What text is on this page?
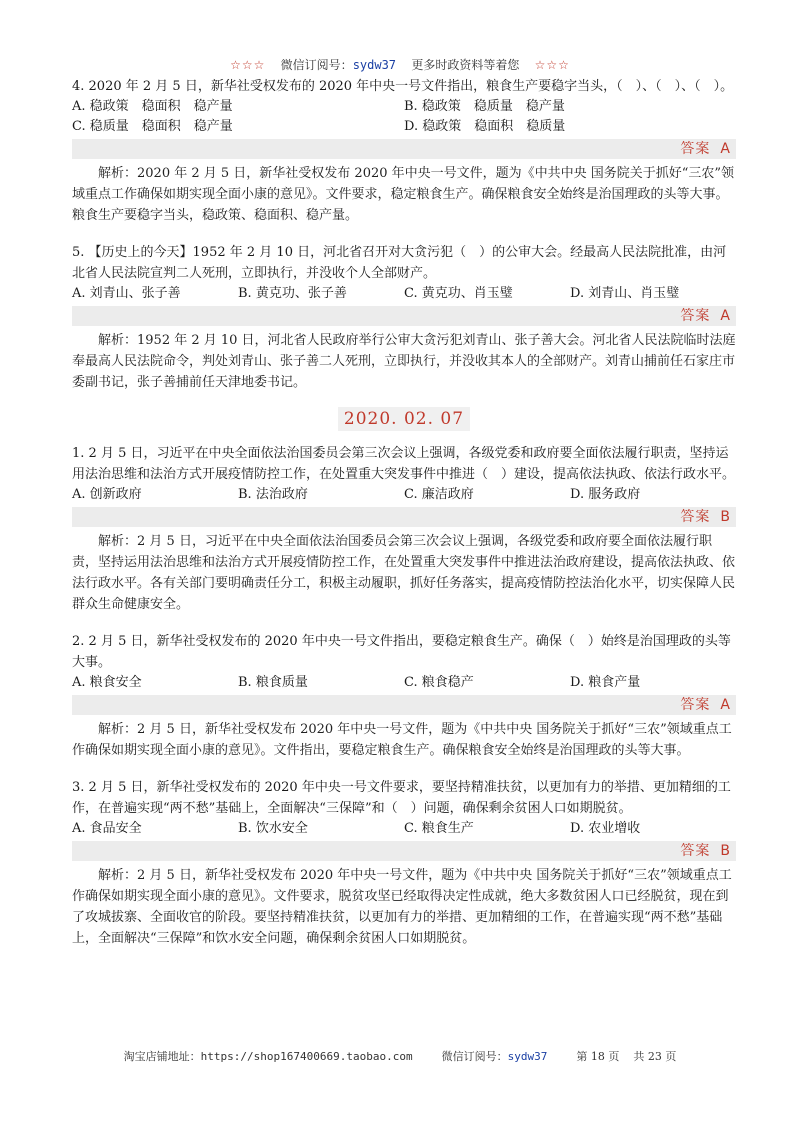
☆☆☆ 微信订阅号：sydw37 更多时政资料等着您 ☆☆☆

4. 2020 年 2 月 5 日，新华社受权发布的 2020 年中央一号文件指出，粮食生产要稳字当头，（　）、（　）、（　）。

A. 稳政策　稳面积　稳产量	B. 稳政策　稳质量　稳产量
C. 稳质量　稳面积　稳产量	D. 稳政策　稳面积　稳质量
答案 A

解析：2020 年 2 月 5 日，新华社受权发布 2020 年中央一号文件，题为《中共中央 国务院关于抓好“三农”领域重点工作确保如期实现全面小康的意见》。文件要求，稳定粮食生产。确保粮食安全始终是治国理政的头等大事。粮食生产要稳字当头，稳政策、稳面积、稳产量。

5. 【历史上的今天】1952 年 2 月 10 日，河北省召开对大贪污犯（　）的公审大会。经最高人民法院批准，由河北省人民法院宣判二人死刑，立即执行，并没收个人全部财产。

A. 刘青山、张子善	B. 黄克功、张子善	C. 黄克功、肖玉璧	D. 刘青山、肖玉璧
答案 A

解析：1952 年 2 月 10 日，河北省人民政府举行公审大贪污犯刘青山、张子善大会。河北省人民法院临时法庭奉最高人民法院命令，判处刘青山、张子善二人死刑，立即执行，并没收其本人的全部财产。刘青山捕前任石家庄市委副书记，张子善捕前任天津地委书记。

2020. 02. 07

1. 2 月 5 日，习近平在中央全面依法治国委员会第三次会议上强调，各级党委和政府要全面依法履行职责，坚持运用法治思维和法治方式开展疫情防控工作，在处置重大突发事件中推进（　）建设，提高依法执政、依法行政水平。

A. 创新政府	B. 法治政府	C. 廉洁政府	D. 服务政府
答案 B

解析：2 月 5 日，习近平在中央全面依法治国委员会第三次会议上强调，各级党委和政府要全面依法履行职责，坚持运用法治思维和法治方式开展疫情防控工作，在处置重大突发事件中推进法治政府建设，提高依法执政、依法行政水平。各有关部门要明确责任分工，积极主动履职，抓好任务落实，提高疫情防控法治化水平，切实保障人民群众生命健康安全。

2. 2 月 5 日，新华社受权发布的 2020 年中央一号文件指出，要稳定粮食生产。确保（　）始终是治国理政的头等大事。

A. 粮食安全	B. 粮食质量	C. 粮食稳产	D. 粮食产量
答案 A

解析：2 月 5 日，新华社受权发布 2020 年中央一号文件，题为《中共中央 国务院关于抓好“三农”领域重点工作确保如期实现全面小康的意见》。文件指出，要稳定粮食生产。确保粮食安全始终是治国理政的头等大事。

3. 2 月 5 日，新华社受权发布的 2020 年中央一号文件要求，要坚持精准扶贫，以更加有力的举措、更加精细的工作，在普遍实现“两不愁”基础上，全面解决“三保障”和（　）问题，确保剩余贫困人口如期脱贫。

A. 食品安全	B. 饮水安全	C. 粮食生产	D. 农业增收
答案 B

解析：2 月 5 日，新华社受权发布 2020 年中央一号文件，题为《中共中央 国务院关于抓好“三农”领域重点工作确保如期实现全面小康的意见》。文件要求，脱贫攻坚已经取得决定性成就，绝大多数贫困人口已经脱贫，现在到了攻城拔寨、全面收官的阶段。要坚持精准扶贫，以更加有力的举措、更加精细的工作，在普遍实现“两不愁”基础上，全面解决“三保障”和饮水安全问题，确保剩余贫困人口如期脱贫。

淘宝店铺地址：https://shop167400669.taobao.com	微信订阅号：sydw37	第 18 页 共 23 页
